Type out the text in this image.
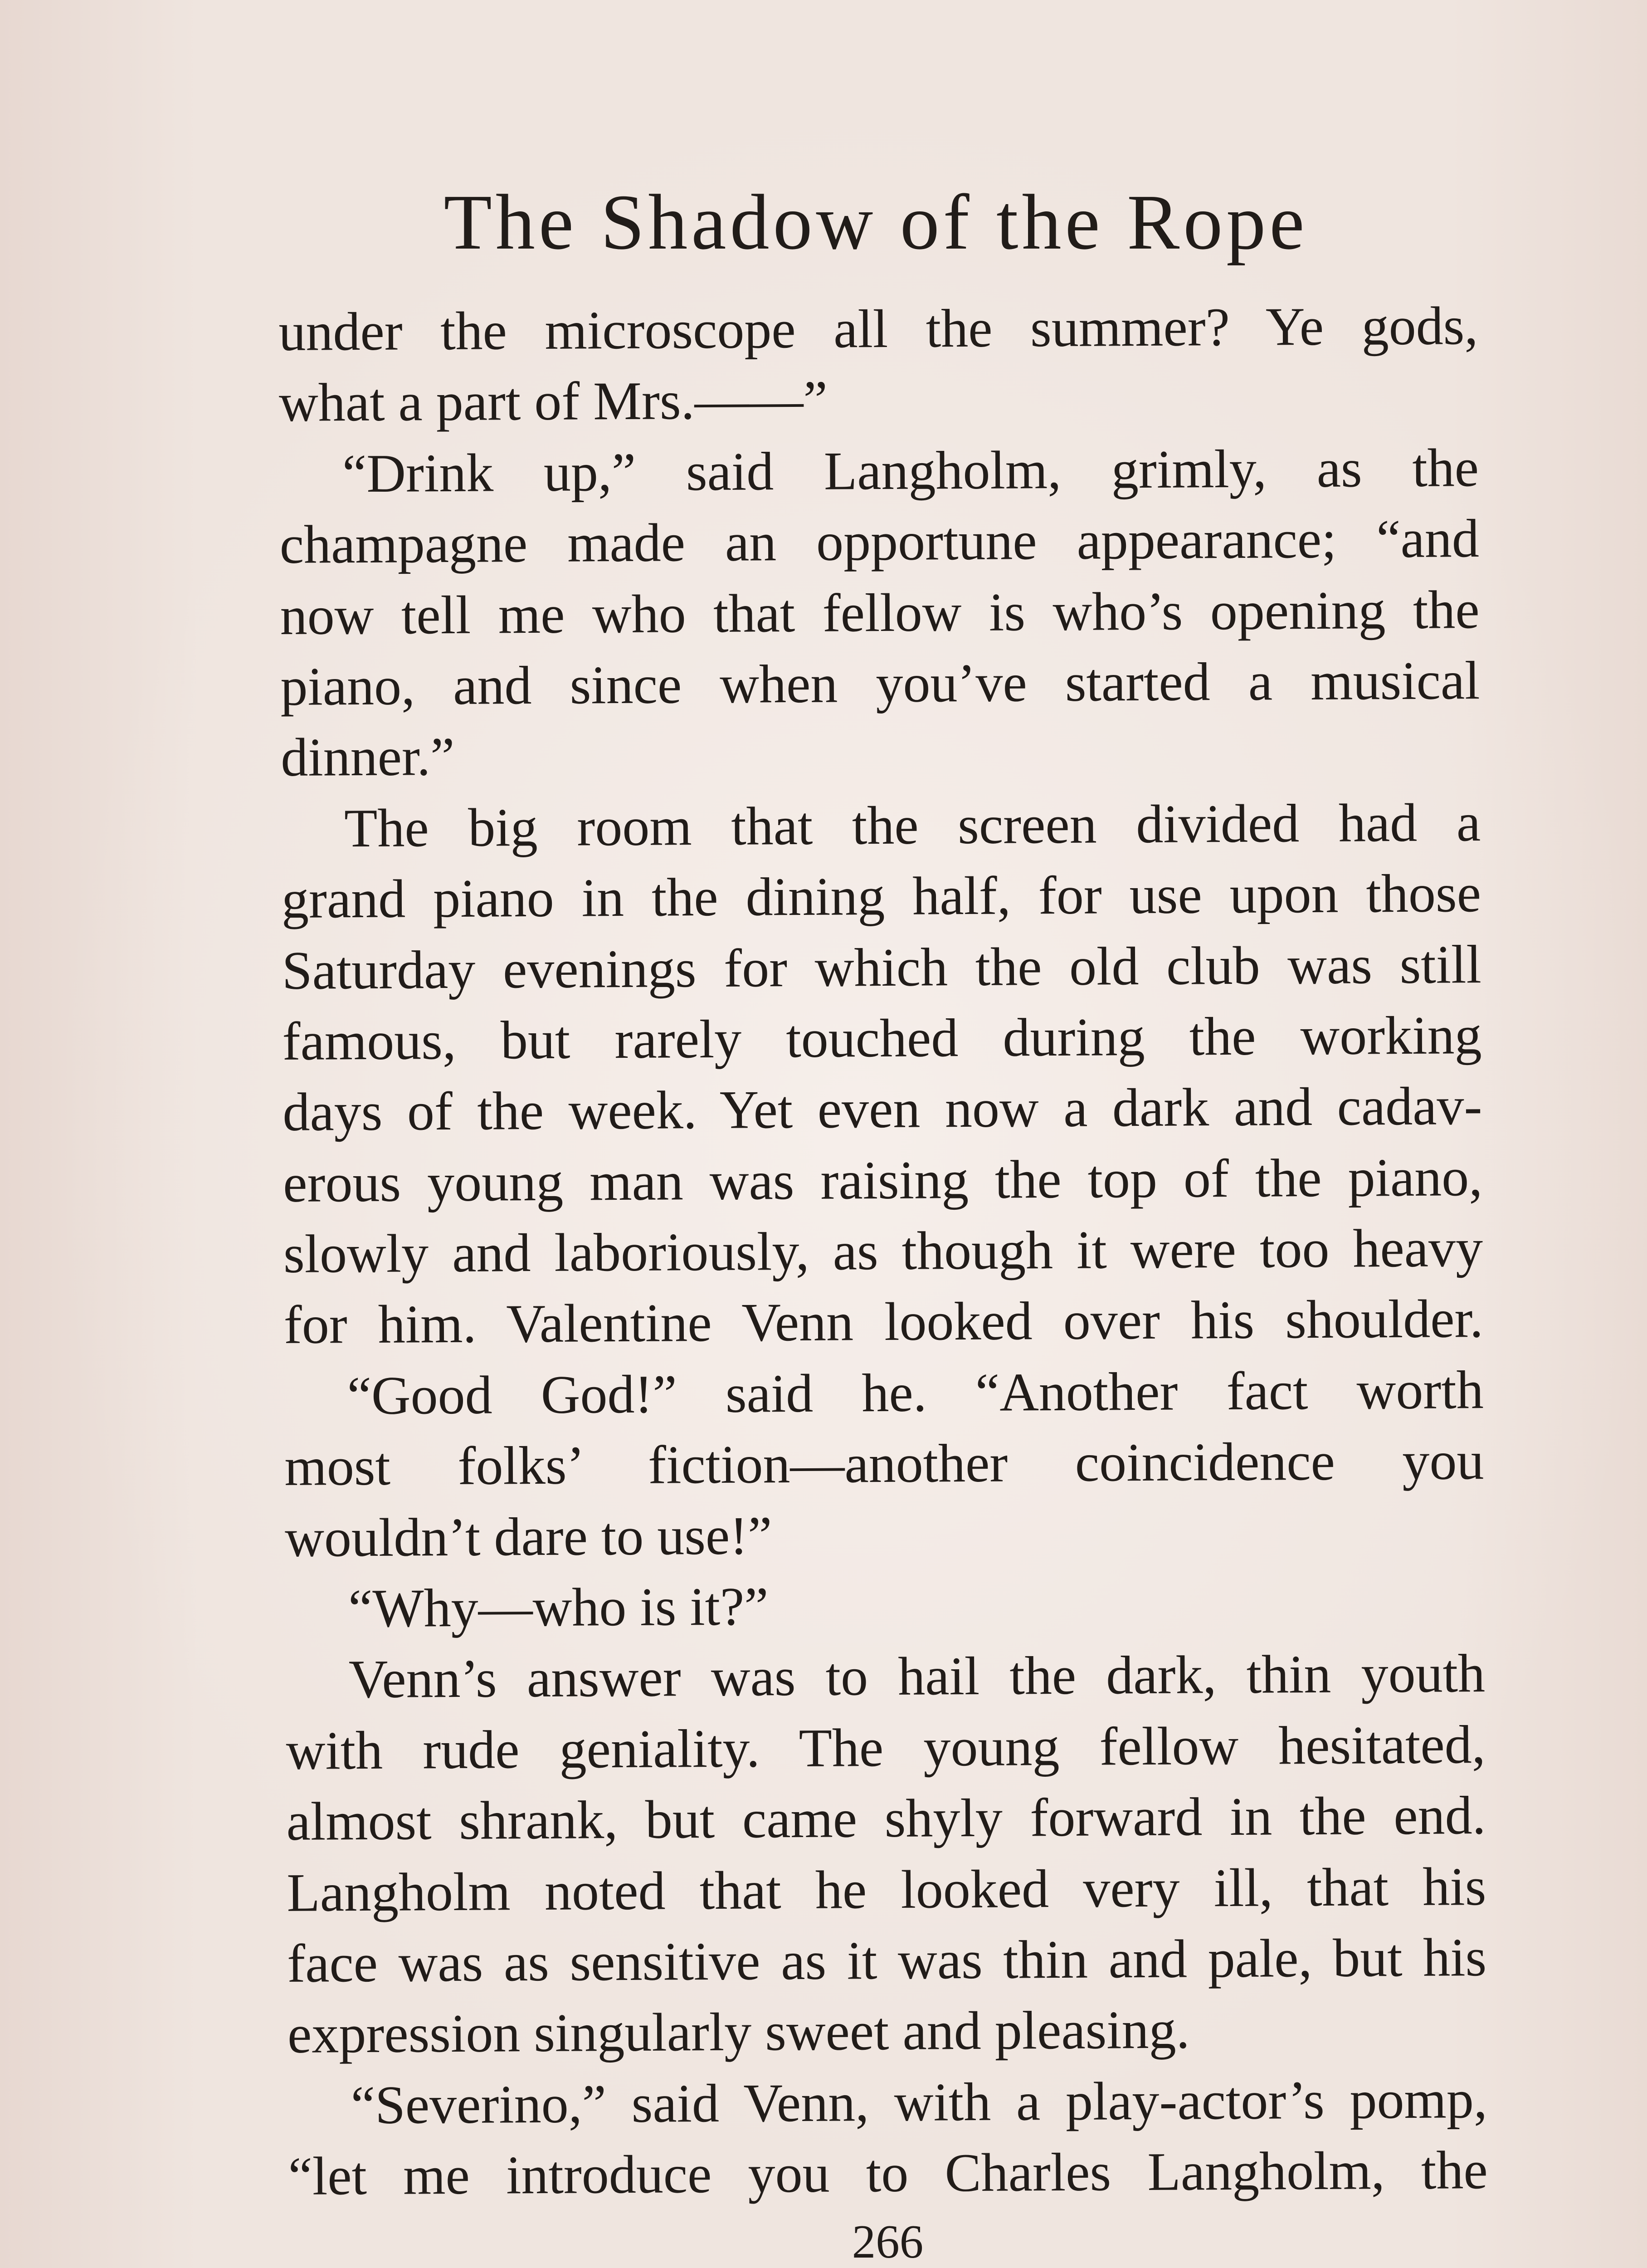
The Shadow of the Rope
under the microscope all the summer? Ye gods,
what a part of Mrs.——”
“Drink up,” said Langholm, grimly, as the
champagne made an opportune appearance; “and
now tell me who that fellow is who’s opening the
piano, and since when you’ve started a musical
dinner.”
The big room that the screen divided had a
grand piano in the dining half, for use upon those
Saturday evenings for which the old club was still
famous, but rarely touched during the working
days of the week. Yet even now a dark and cadav-
erous young man was raising the top of the piano,
slowly and laboriously, as though it were too heavy
for him. Valentine Venn looked over his shoulder.
“Good God!” said he. “Another fact worth
most folks’ fiction—another coincidence you
wouldn’t dare to use!”
“Why—who is it?”
Venn’s answer was to hail the dark, thin youth
with rude geniality. The young fellow hesitated,
almost shrank, but came shyly forward in the end.
Langholm noted that he looked very ill, that his
face was as sensitive as it was thin and pale, but his
expression singularly sweet and pleasing.
“Severino,” said Venn, with a play-actor’s pomp,
“let me introduce you to Charles Langholm, the
266
